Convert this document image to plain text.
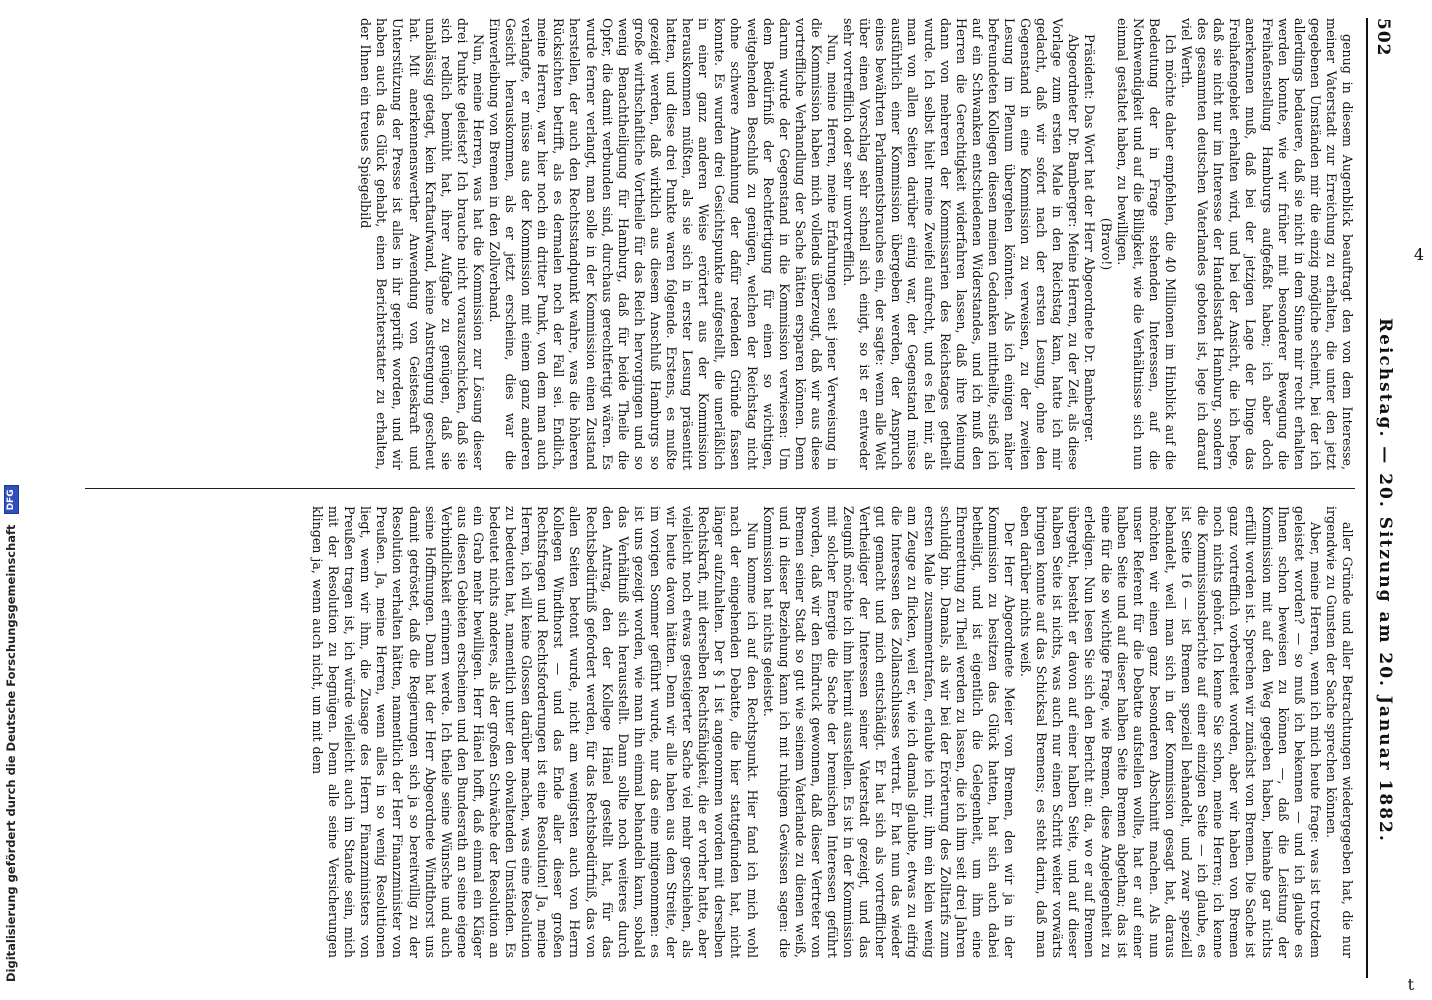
502
Reichstag. — 20. Sitzung am 20. Januar 1882.

genug in diesem Augenblick beauftragt den von dem Interesse, meiner Vaterstadt zur Erreichung zu erhalten, die unter den jetzt gegebenen Umständen mir die einzig mögliche scheint, bei der ich allerdings bedauere, daß sie nicht in dem Sinne mir recht erhalten werden konnte, wie wir früher mit besonderer Bewegung die Freihafenstellung Hamburgs aufgefaßt haben; ich aber doch anerkennen muß, daß bei der jetzigen Lage der Dinge das Freihafengebiet erhalten wird, und bei der Ansicht, die ich hege, daß sie nicht nur im Interesse der Handelsstadt Hamburg, sondern des gesammten deutschen Vaterlandes geboten ist, lege ich darauf viel Werth.

Ich möchte daher empfehlen, die 40 Millionen im Hinblick auf die Bedeutung der in Frage stehenden Interessen, auf die Nothwendigkeit und auf die Billigkeit, wie die Verhältnisse sich nun einmal gestaltet haben, zu bewilligen.

(Bravo!)

Präsident: Das Wort hat der Herr Abgeordnete Dr. Bamberger.

Abgeordneter Dr. Bamberger: Meine Herren, zu der Zeit, als diese Vorlage zum ersten Male in den Reichstag kam, hatte ich mir gedacht, daß wir sofort nach der ersten Lesung, ohne den Gegenstand in eine Kommission zu verweisen, zu der zweiten Lesung im Plenum übergehen könnten. Als ich einigen näher befreundeten Kollegen diesen meinen Gedanken mittheilte, stieß ich auf ein Schwanken entschiedenen Widerstandes, und ich muß den Herren die Gerechtigkeit widerfahren lassen, daß ihre Meinung dann von mehreren der Kommissarien des Reichstages getheilt wurde. Ich selbst hielt meine Zweifel aufrecht, und es fiel mir, als man von allen Seiten darüber einig war, der Gegenstand müsse ausführlich einer Kommission übergeben werden, der Anspruch eines bewährten Parlamentsbrauches ein, der sagte: wenn alle Welt über einen Vorschlag sehr schnell sich einigt, so ist er entweder sehr vortrefflich oder sehr unvortrefflich.

Nun, meine Herren, meine Erfahrungen seit jener Verweisung in die Kommission haben mich vollends überzeugt, daß wir aus diese vortreffliche Verhandlung der Sache hätten ersparen können. Denn darum wurde der Gegenstand in die Kommission verwiesen: Um dem Bedürfniß der Rechtfertigung für einen so wichtigen, weitgehenden Beschluß zu genügen, welchen der Reichstag nicht ohne schwere Anmahnung der dafür redenden Gründe fassen konnte. Es wurden drei Gesichtspunkte aufgestellt, die unerläßlich in einer ganz anderen Weise erörtert aus der Kommission herauskommen müßten, als sie sich in erster Lesung präsentirt hatten, und diese drei Punkte waren folgende. Erstens, es mußte gezeigt werden, daß wirklich aus diesem Anschluß Hamburgs so große wirthschaftliche Vortheile für das Reich hervorgingen und so wenig Benachtheiligung für Hamburg, daß für beide Theile die Opfer, die damit verbunden sind, durchaus gerechtfertigt wären. Es wurde ferner verlangt, man solle in der Kommission einen Zustand herstellen, der auch den Rechtsstandpunkt wahre, was die höheren Rücksichten betrifft, als es dermalen noch der Fall sei. Endlich, meine Herren, war hier noch ein dritter Punkt, von dem man auch verlangte, er müsse aus der Kommission mit einem ganz anderen Gesicht herauskommen, als er jetzt erscheine, dies war die Einverleibung von Bremen in den Zollverband.

Nun, meine Herren, was hat die Kommission zur Lösung dieser drei Punkte geleistet? Ich brauche nicht vorauszuschicken, daß sie sich redlich bemüht hat, ihrer Aufgabe zu genügen, daß sie unablässig getagt, kein Kraftaufwand, keine Anstrengung gescheut hat. Mit anerkennenswerther Anwendung von Geisteskraft und Unterstützung der Presse ist alles in ihr geprüft worden, und wir haben auch das Glück gehabt, einen Berichterstatter zu erhalten, der Ihnen ein treues Spiegelbild

aller Gründe und aller Betrachtungen wiedergegeben hat, die nur irgendwie zu Gunsten der Sache sprechen können.

Aber, meine Herren, wenn ich mich heute frage: was ist trotzdem geleistet worden? — so muß ich bekennen — und ich glaube es Ihnen schon beweisen zu können —, daß die Leistung der Kommission mit auf den Weg gegeben haben, beinahe gar nichts erfüllt worden ist. Sprechen wir zunächst von Bremen. Die Sache ist ganz vortrefflich vorbereitet worden, aber wir haben von Bremen noch nichts gehört. Ich kenne Sie schon, meine Herren; ich kenne die Kommissionsberichte auf einer einzigen Seite — ich glaube, es ist Seite 16 — ist Bremen speziell behandelt, und zwar speziell behandelt, weil man sich in der Kommission gesagt hat, daraus möchten wir einen ganz besonderen Abschnitt machen. Als nun unser Referent für die Debatte aufstellen wollte, hat er auf einer halben Seite und auf dieser halben Seite Bremen abgethan; das ist eine für die so wichtige Frage, wie Bremen, diese Angelegenheit zu erledigen. Nun lesen Sie sich den Bericht an: da, wo er auf Bremen übergeht, besteht er davon auf einer halben Seite, und auf dieser halben Seite ist nichts, was auch nur einen Schritt weiter vorwärts bringen konnte auf das Schicksal Bremens; es steht darin, daß man eben darüber nichts weiß.

Der Herr Abgeordnete Meier von Bremen, den wir ja in der Kommission zu besitzen das Glück hatten, hat sich auch dabei betheiligt, und ist eigentlich die Gelegenheit, um ihm eine Ehrenrettung zu Theil werden zu lassen, die ich ihm seit drei Jahren schuldig bin. Damals, als wir bei der Erörterung des Zolltarifs zum ersten Male zusammentrafen, erlaubte ich mir, ihm ein klein wenig am Zeuge zu flicken, weil er, wie ich damals glaubte, etwas zu eifrig die Interessen des Zollanschlusses vertrat. Er hat nun das wieder gut gemacht und mich entschädigt. Er hat sich als vortrefflicher Vertheidiger der Interessen seiner Vaterstadt gezeigt, und das Zeugniß möchte ich ihm hiermit ausstellen. Es ist in der Kommission mit solcher Energie die Sache der bremischen Interessen geführt worden, daß wir den Eindruck gewonnen, daß dieser Vertreter von Bremen seiner Stadt so gut wie seinem Vaterlande zu dienen weiß, und in dieser Beziehung kann ich mit ruhigem Gewissen sagen: die Kommission hat nichts geleistet.

Nun komme ich auf den Rechtspunkt. Hier fand ich mich wohl nach der eingehenden Debatte, die hier stattgefunden hat, nicht länger aufzuhalten. Der § 1 ist angenommen worden mit derselben Rechtskraft, mit derselben Rechtsfähigkeit, die er vorher hatte, aber vielleicht noch etwas gesteigerter Sache viel mehr geschiehen, als wir heute davon hätten. Denn wir alle haben aus dem Streite, der im vorigen Sommer geführt wurde, nur das eine mitgenommen: es ist uns gezeigt worden, wie man ihn einmal behandeln kann, sobald das Verhältniß sich herausstellt. Dann sollte noch weiteres durch den Antrag, den der Kollege Hänel gestellt hat, für das Rechtsbedürfniß gefordert werden, für das Rechtsbedürfniß, das von allen Seiten betont wurde, nicht am wenigsten auch von Herrn Kollegen Windthorst — und das Ende aller dieser großen Rechtsfragen und Rechtsforderungen ist eine Resolution! Ja, meine Herren, ich will keine Glossen darüber machen, was eine Resolution zu bedeuten hat, namentlich unter den obwaltenden Umständen. Es bedeutet nichts anderes, als der großen Schwäche der Resolution an ein Grab mehr bewilligen. Herr Hänel hofft, daß einmal ein Kläger aus diesen Gebieten erscheinen und den Bundesrath an seine eigene Verbindlichkeit erinnern werde. Ich theile seine Wünsche und auch seine Hoffnungen. Dann hat der Herr Abgeordnete Windthorst uns damit getröstet, daß die Regierungen sich ja so bereitwillig zu der Resolution verhalten hätten, namentlich der Herr Finanzminister von Preußen. Ja, meine Herren, wenn alles in so wenig Resolutionen liegt, wenn wir ihm, die Zusage des Herrn Finanzministers von Preußen tragen ist, ich würde vielleicht auch im Stande sein, mich mit der Resolution zu begnügen. Denn alle seine Versicherungen klingen ja, wenn auch nicht, um mit dem

Digitalisierung gefördert durch die Deutsche Forschungsgemeinschaft DFG
4
t
